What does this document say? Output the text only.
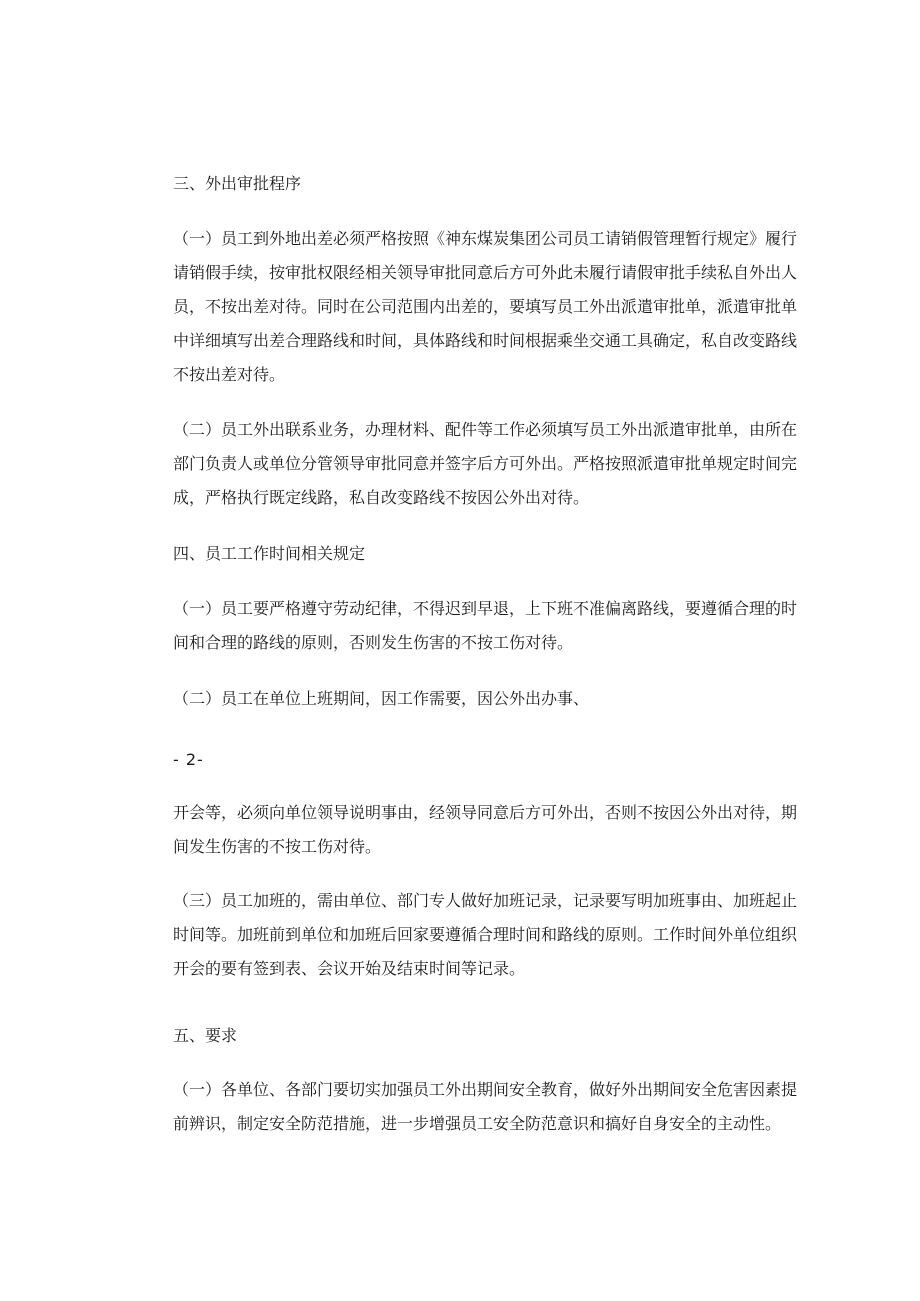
三、外出审批程序

（一）员工到外地出差必须严格按照《神东煤炭集团公司员工请销假管理暂行规定》履行请销假手续，按审批权限经相关领导审批同意后方可外此未履行请假审批手续私自外出人员，不按出差对待。同时在公司范围内出差的，要填写员工外出派遣审批单，派遣审批单中详细填写出差合理路线和时间，具体路线和时间根据乘坐交通工具确定，私自改变路线不按出差对待。

（二）员工外出联系业务，办理材料、配件等工作必须填写员工外出派遣审批单，由所在部门负责人或单位分管领导审批同意并签字后方可外出。严格按照派遣审批单规定时间完成，严格执行既定线路，私自改变路线不按因公外出对待。

四、员工工作时间相关规定

（一）员工要严格遵守劳动纪律，不得迟到早退，上下班不准偏离路线，要遵循合理的时间和合理的路线的原则，否则发生伤害的不按工伤对待。

（二）员工在单位上班期间，因工作需要，因公外出办事、

- 2-

开会等，必须向单位领导说明事由，经领导同意后方可外出，否则不按因公外出对待，期间发生伤害的不按工伤对待。

（三）员工加班的，需由单位、部门专人做好加班记录，记录要写明加班事由、加班起止时间等。加班前到单位和加班后回家要遵循合理时间和路线的原则。工作时间外单位组织开会的要有签到表、会议开始及结束时间等记录。

五、要求

（一）各单位、各部门要切实加强员工外出期间安全教育，做好外出期间安全危害因素提前辨识，制定安全防范措施，进一步增强员工安全防范意识和搞好自身安全的主动性。
